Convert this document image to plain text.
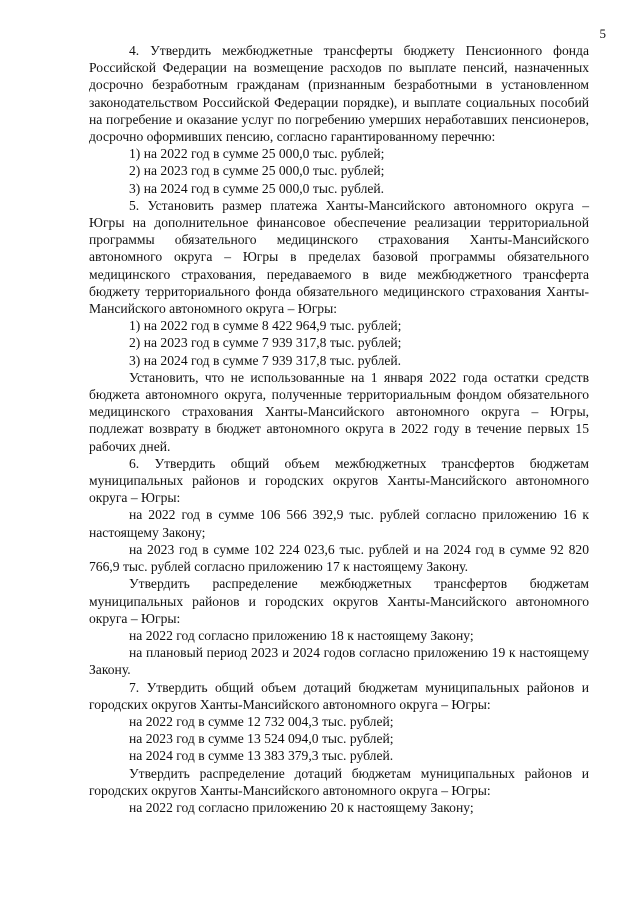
5

4. Утвердить межбюджетные трансферты бюджету Пенсионного фонда Российской Федерации на возмещение расходов по выплате пенсий, назначенных досрочно безработным гражданам (признанным безработными в установленном законодательством Российской Федерации порядке), и выплате социальных пособий на погребение и оказание услуг по погребению умерших неработавших пенсионеров, досрочно оформивших пенсию, согласно гарантированному перечню:

1) на 2022 год в сумме 25 000,0 тыс. рублей;

2) на 2023 год в сумме 25 000,0 тыс. рублей;

3) на 2024 год в сумме 25 000,0 тыс. рублей.

5. Установить размер платежа Ханты-Мансийского автономного округа – Югры на дополнительное финансовое обеспечение реализации территориальной программы обязательного медицинского страхования Ханты-Мансийского автономного округа – Югры в пределах базовой программы обязательного медицинского страхования, передаваемого в виде межбюджетного трансферта бюджету территориального фонда обязательного медицинского страхования Ханты-Мансийского автономного округа – Югры:

1) на 2022 год в сумме 8 422 964,9 тыс. рублей;

2) на 2023 год в сумме 7 939 317,8 тыс. рублей;

3) на 2024 год в сумме 7 939 317,8 тыс. рублей.

Установить, что не использованные на 1 января 2022 года остатки средств бюджета автономного округа, полученные территориальным фондом обязательного медицинского страхования Ханты-Мансийского автономного округа – Югры, подлежат возврату в бюджет автономного округа в 2022 году в течение первых 15 рабочих дней.

6. Утвердить общий объем межбюджетных трансфертов бюджетам муниципальных районов и городских округов Ханты-Мансийского автономного округа – Югры:

на 2022 год в сумме 106 566 392,9 тыс. рублей согласно приложению 16 к настоящему Закону;

на 2023 год в сумме 102 224 023,6 тыс. рублей и на 2024 год в сумме 92 820 766,9 тыс. рублей согласно приложению 17 к настоящему Закону.

Утвердить распределение межбюджетных трансфертов бюджетам муниципальных районов и городских округов Ханты-Мансийского автономного округа – Югры:

на 2022 год согласно приложению 18 к настоящему Закону;

на плановый период 2023 и 2024 годов согласно приложению 19 к настоящему Закону.

7. Утвердить общий объем дотаций бюджетам муниципальных районов и городских округов Ханты-Мансийского автономного округа – Югры:

на 2022 год в сумме 12 732 004,3 тыс. рублей;

на 2023 год в сумме 13 524 094,0 тыс. рублей;

на 2024 год в сумме 13 383 379,3 тыс. рублей.

Утвердить распределение дотаций бюджетам муниципальных районов и городских округов Ханты-Мансийского автономного округа – Югры:

на 2022 год согласно приложению 20 к настоящему Закону;
